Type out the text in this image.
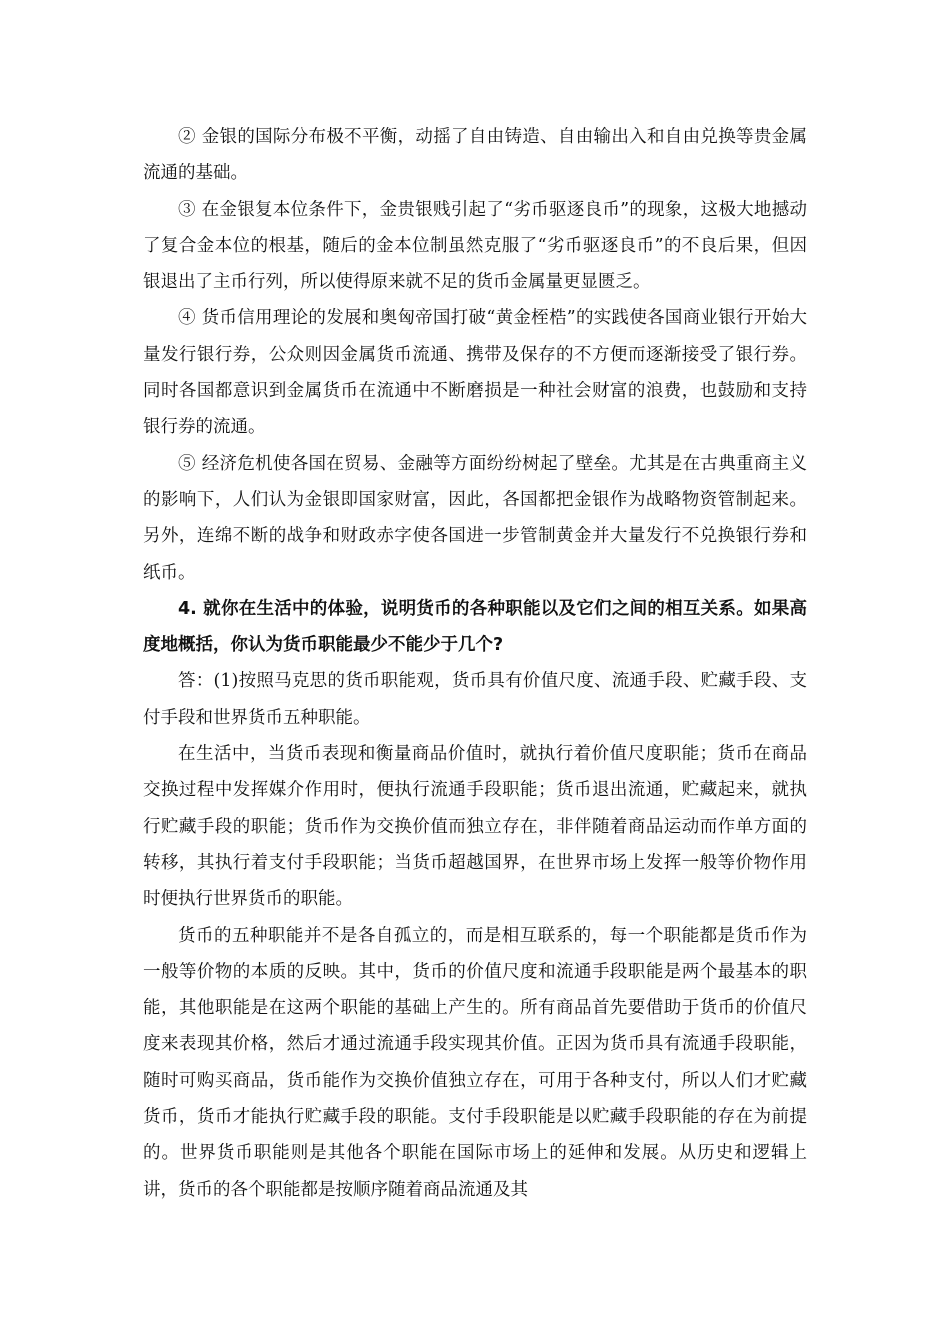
② 金银的国际分布极不平衡，动摇了自由铸造、自由输出入和自由兑换等贵金属流通的基础。

③ 在金银复本位条件下，金贵银贱引起了“劣币驱逐良币”的现象，这极大地撼动了复合金本位的根基，随后的金本位制虽然克服了“劣币驱逐良币”的不良后果，但因银退出了主币行列，所以使得原来就不足的货币金属量更显匮乏。

④ 货币信用理论的发展和奥匈帝国打破“黄金桎梏”的实践使各国商业银行开始大量发行银行券，公众则因金属货币流通、携带及保存的不方便而逐渐接受了银行券。同时各国都意识到金属货币在流通中不断磨损是一种社会财富的浪费，也鼓励和支持银行券的流通。

⑤ 经济危机使各国在贸易、金融等方面纷纷树起了壁垒。尤其是在古典重商主义的影响下，人们认为金银即国家财富，因此，各国都把金银作为战略物资管制起来。另外，连绵不断的战争和财政赤字使各国进一步管制黄金并大量发行不兑换银行券和纸币。

4. 就你在生活中的体验，说明货币的各种职能以及它们之间的相互关系。如果高度地概括，你认为货币职能最少不能少于几个?

答：(1)按照马克思的货币职能观，货币具有价值尺度、流通手段、贮藏手段、支付手段和世界货币五种职能。

在生活中，当货币表现和衡量商品价值时，就执行着价值尺度职能；货币在商品交换过程中发挥媒介作用时，便执行流通手段职能；货币退出流通，贮藏起来，就执行贮藏手段的职能；货币作为交换价值而独立存在，非伴随着商品运动而作单方面的转移，其执行着支付手段职能；当货币超越国界，在世界市场上发挥一般等价物作用时便执行世界货币的职能。

货币的五种职能并不是各自孤立的，而是相互联系的，每一个职能都是货币作为一般等价物的本质的反映。其中，货币的价值尺度和流通手段职能是两个最基本的职能，其他职能是在这两个职能的基础上产生的。所有商品首先要借助于货币的价值尺度来表现其价格，然后才通过流通手段实现其价值。正因为货币具有流通手段职能，随时可购买商品，货币能作为交换价值独立存在，可用于各种支付，所以人们才贮藏货币，货币才能执行贮藏手段的职能。支付手段职能是以贮藏手段职能的存在为前提的。世界货币职能则是其他各个职能在国际市场上的延伸和发展。从历史和逻辑上讲，货币的各个职能都是按顺序随着商品流通及其
